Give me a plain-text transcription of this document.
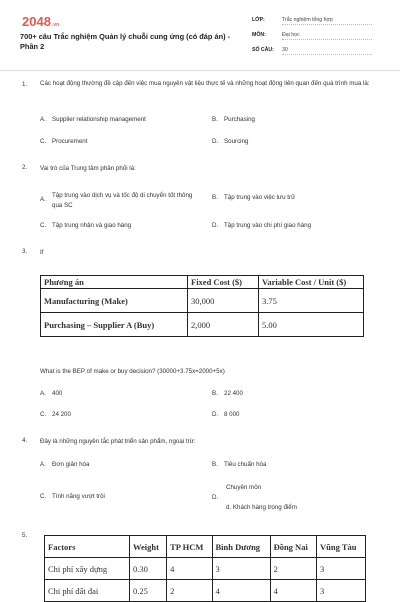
2048.vn
700+ câu Trắc nghiệm Quản lý chuỗi cung ứng (có đáp án) - Phần 2
LỚP:	Trắc nghiệm tổng hợp
MÔN:	Đại học
SỐ CÂU: 30
1. Các hoạt động thường đề cập đến việc mua nguyên vật liệu thực tế và những hoạt động liên quan đến quá trình mua là:
A. Supplier relationship management	B. Purchasing
C. Procurement	D. Sourcing
2. Vai trò của Trung tâm phân phối là:
A.Tập trung vào dịch vụ và tốc độ di chuyển tốt thông qua SC
B. Tập trung vào việc lưu trữ
C. Tập trung nhận và giao hàng	D. Tập trung vào chi phí giao hàng
3. If
Phương án	Fixed Cost ($)	Variable Cost / Unit ($)
Manufacturing (Make)	30,000	3.75
Purchasing – Supplier A (Buy)	2,000	5.00
What is the BEP of make or buy decision? (30000+3.75x=2000+5x)
A. 400	B. 22 400
C. 24 200	D. 8 000
4. Đây là những nguyên tắc phát triển sản phẩm, ngoại trừ:
A. Đơn giản hóa	B. Tiêu chuẩn hóa
C. Tính năng vượt trội
Chuyên môn
D.
d. Khách hàng trọng điểm
5.
Factors	Weight	TP HCM	Bình Dương	Đồng Nai	Vũng Tàu
Chi phí xây dựng	0.30	4	3	2	3
Chi phí đất đai	0.25	2	4	4	3
